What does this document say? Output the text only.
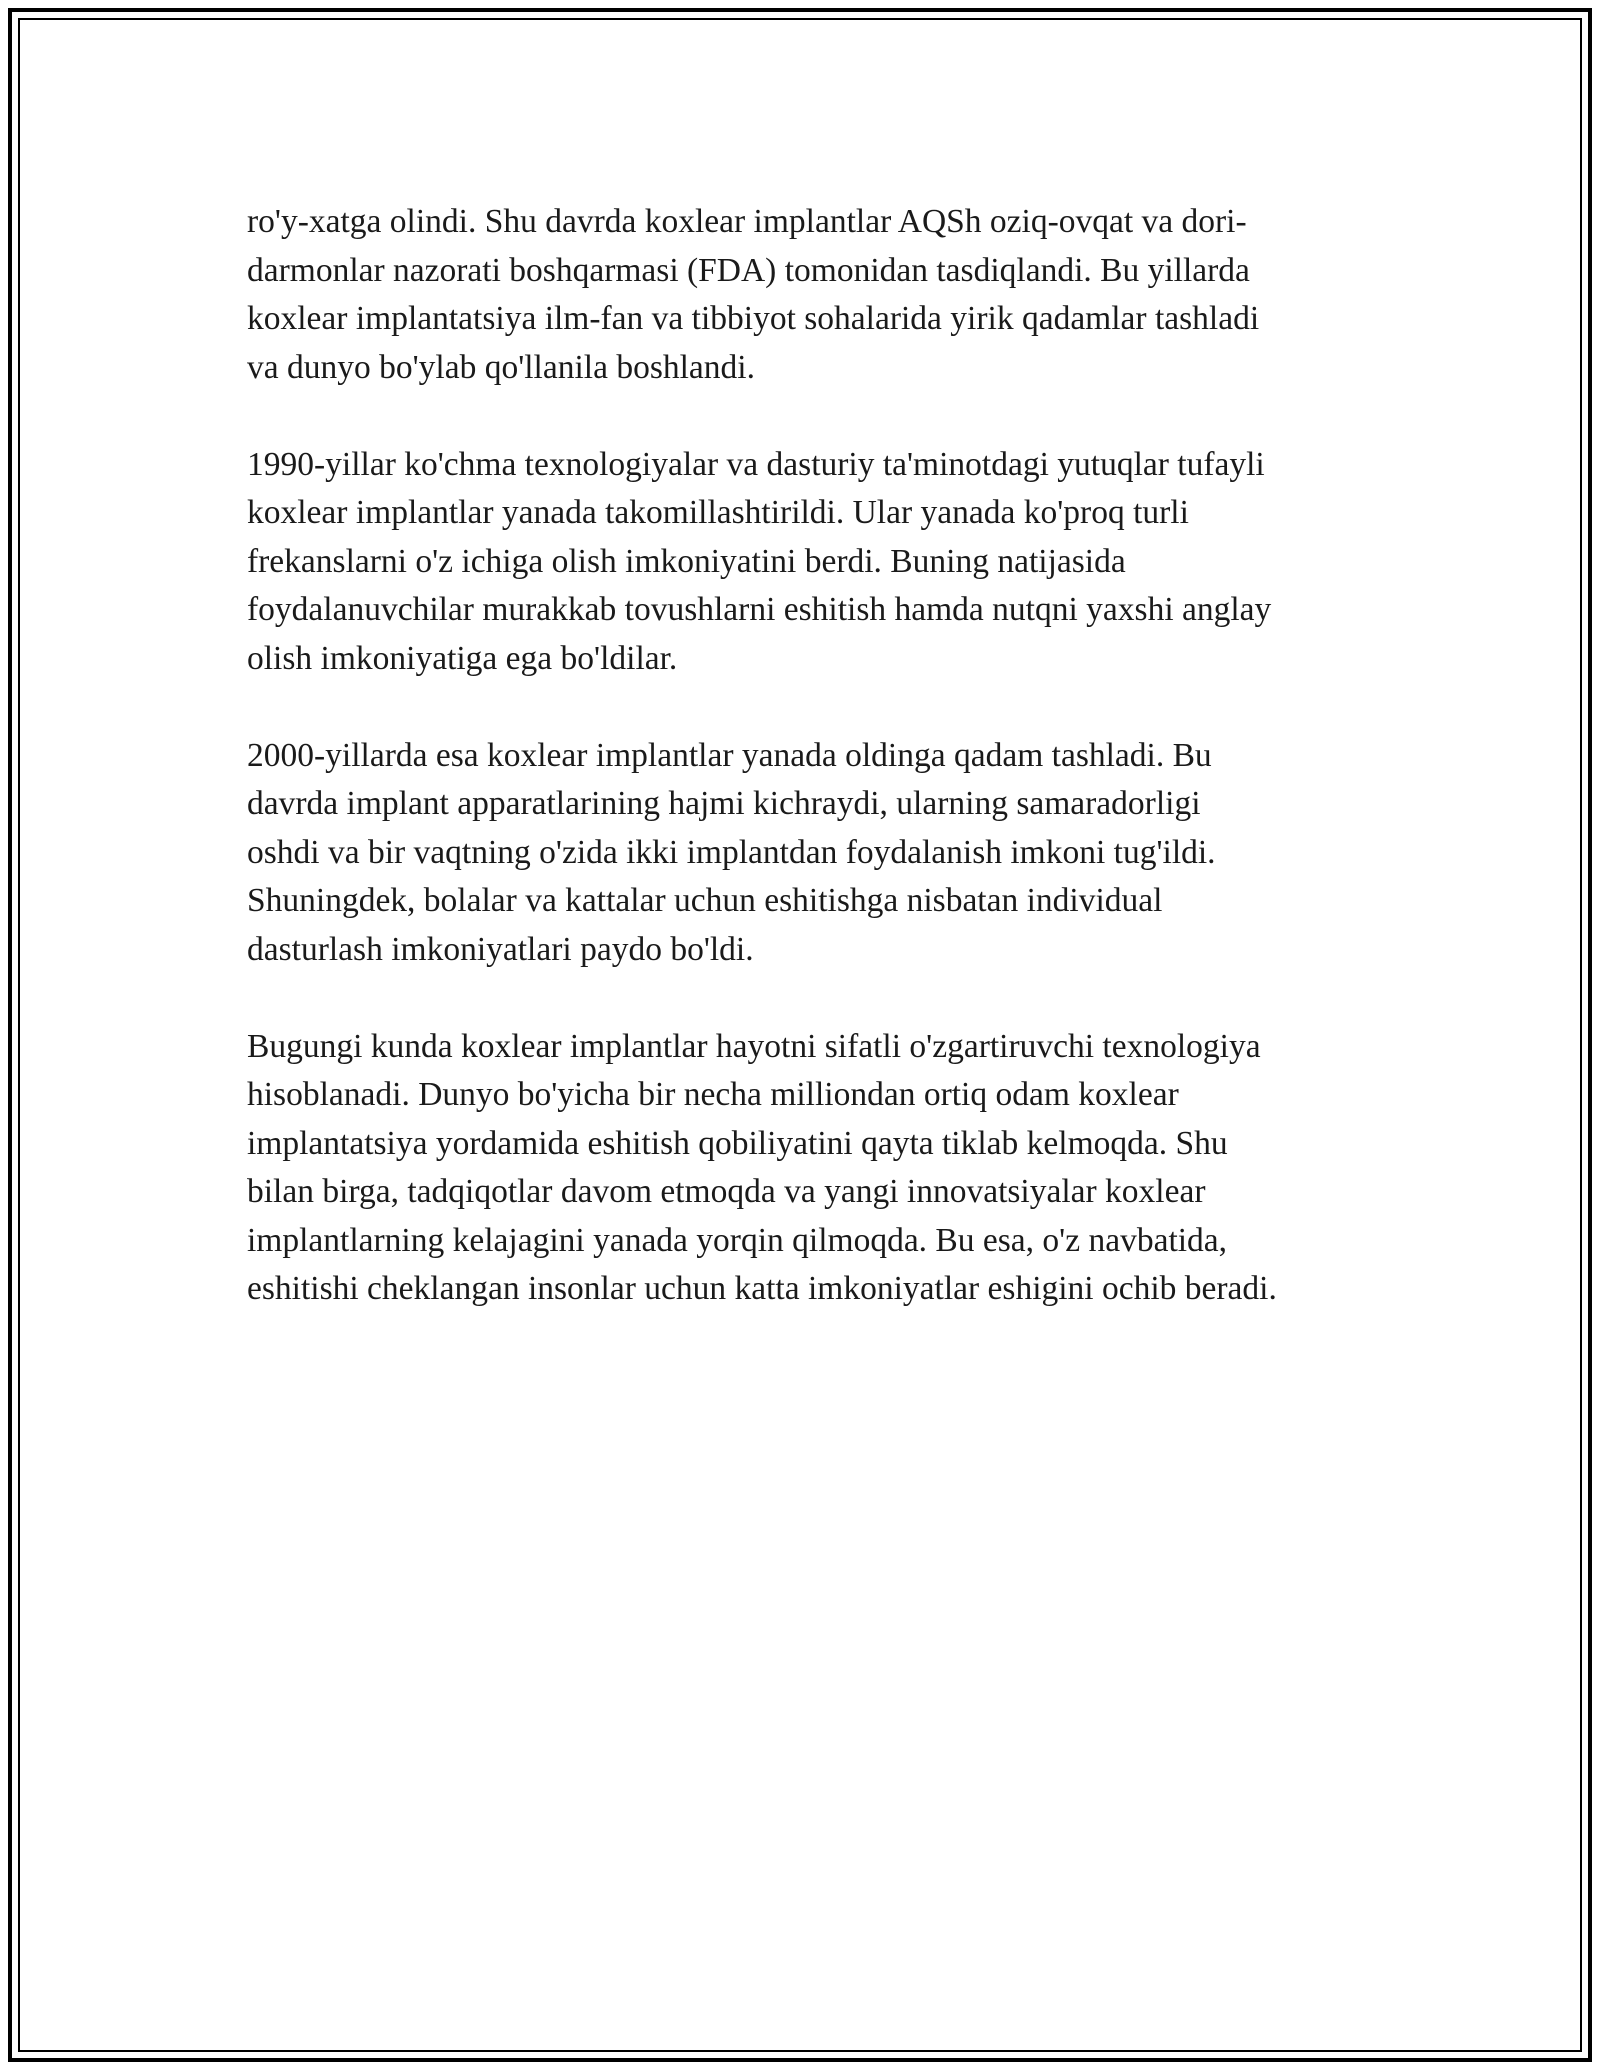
ro'y-xatga olindi. Shu davrda koxlear implantlar AQSh oziq-ovqat va dori-
darmonlar nazorati boshqarmasi (FDA) tomonidan tasdiqlandi. Bu yillarda
koxlear implantatsiya ilm-fan va tibbiyot sohalarida yirik qadamlar tashladi
va dunyo bo'ylab qo'llanila boshlandi.

1990-yillar ko'chma texnologiyalar va dasturiy ta'minotdagi yutuqlar tufayli
koxlear implantlar yanada takomillashtirildi. Ular yanada ko'proq turli
frekanslarni o'z ichiga olish imkoniyatini berdi. Buning natijasida
foydalanuvchilar murakkab tovushlarni eshitish hamda nutqni yaxshi anglay
olish imkoniyatiga ega bo'ldilar.

2000-yillarda esa koxlear implantlar yanada oldinga qadam tashladi. Bu
davrda implant apparatlarining hajmi kichraydi, ularning samaradorligi
oshdi va bir vaqtning o'zida ikki implantdan foydalanish imkoni tug'ildi.
Shuningdek, bolalar va kattalar uchun eshitishga nisbatan individual
dasturlash imkoniyatlari paydo bo'ldi.

Bugungi kunda koxlear implantlar hayotni sifatli o'zgartiruvchi texnologiya
hisoblanadi. Dunyo bo'yicha bir necha milliondan ortiq odam koxlear
implantatsiya yordamida eshitish qobiliyatini qayta tiklab kelmoqda. Shu
bilan birga, tadqiqotlar davom etmoqda va yangi innovatsiyalar koxlear
implantlarning kelajagini yanada yorqin qilmoqda. Bu esa, o'z navbatida,
eshitishi cheklangan insonlar uchun katta imkoniyatlar eshigini ochib beradi.
